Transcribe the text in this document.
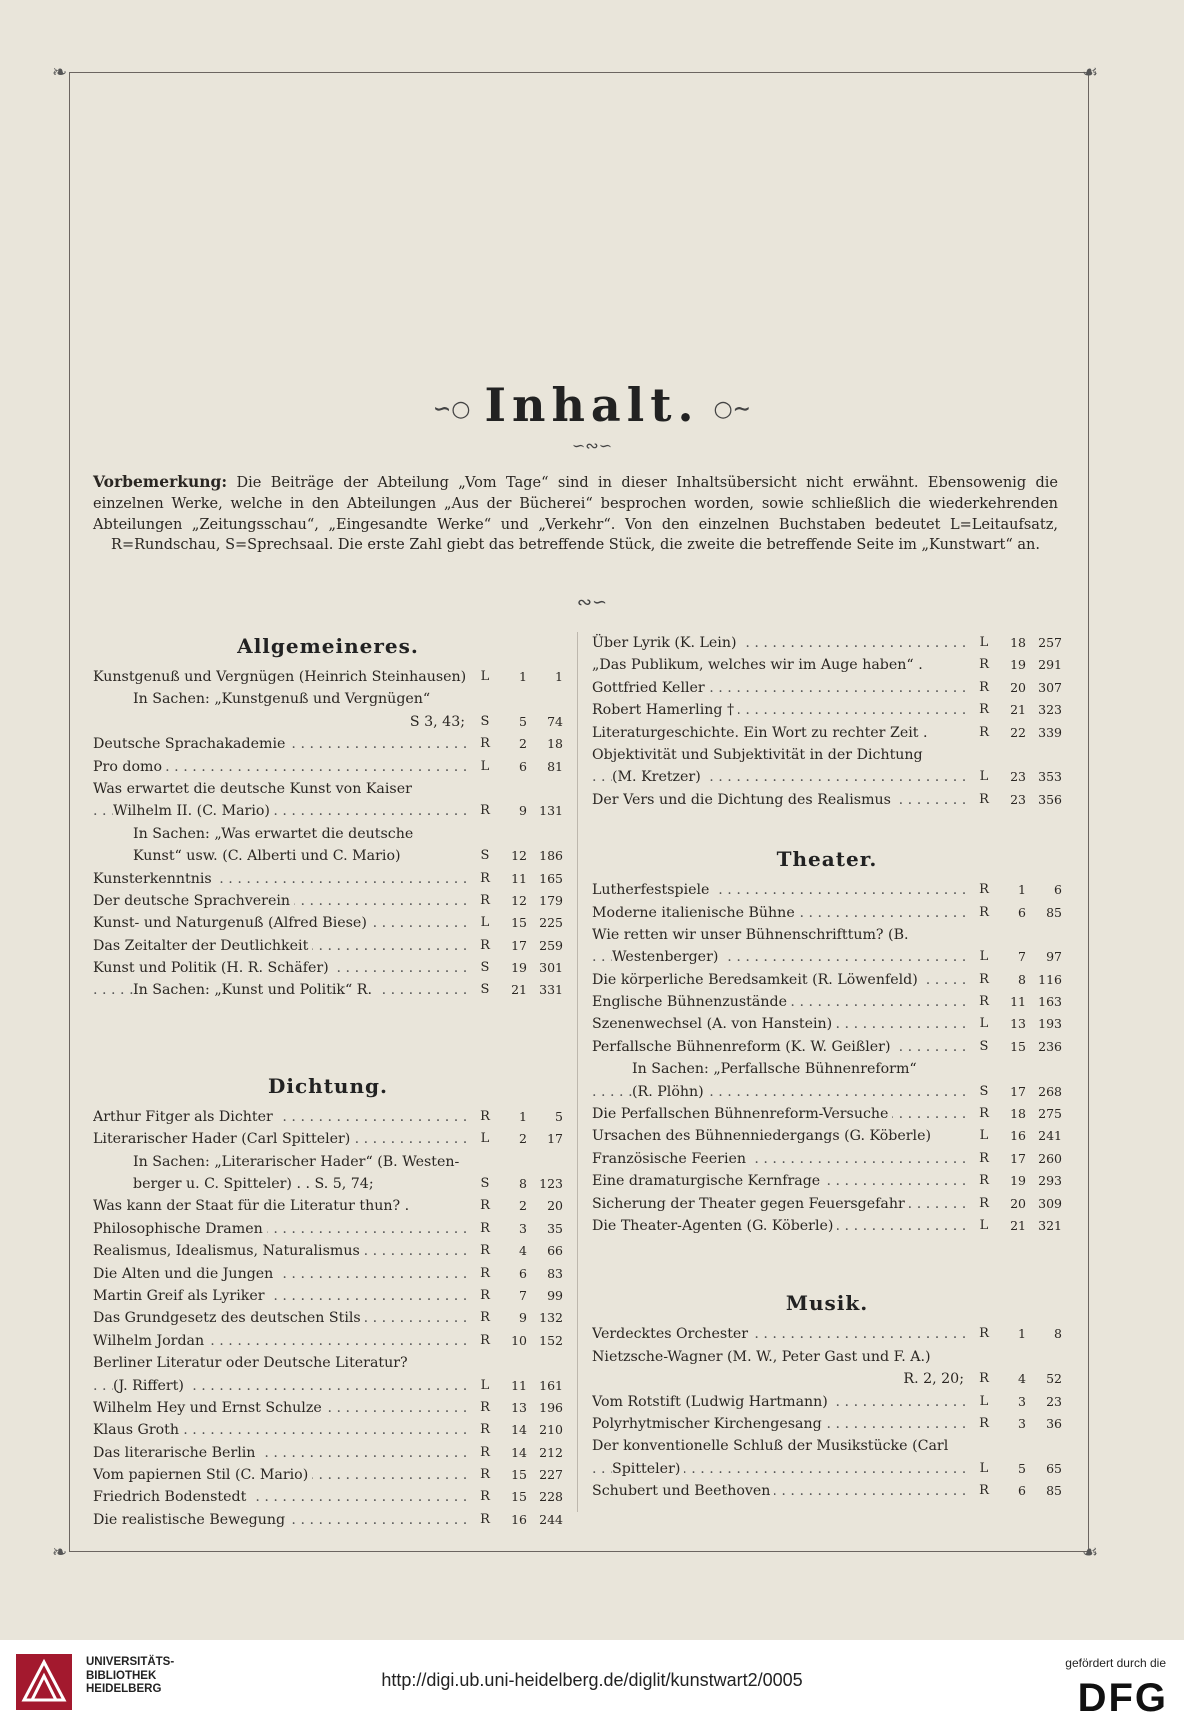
❧	☙
❧	☙
∽○ Inhalt. ○∼
∽∾∽
Vorbemerkung: Die Beiträge der Abteilung „Vom Tage“ sind in dieser Inhaltsübersicht nicht erwähnt. Ebensowenig die einzelnen Werke, welche in den Abteilungen „Aus der Bücherei“ besprochen worden, sowie schließlich die wiederkehrenden Abteilungen „Zeitungsschau“, „Eingesandte Werke“ und „Verkehr“. Von den einzelnen Buchstaben bedeutet L=Leitaufsatz, R=Rundschau, S=Sprechsaal. Die erste Zahl giebt das betreffende Stück, die zweite die betreffende Seite im „Kunstwart“ an.
∾∽
Allgemeineres.
Kunstgenuß und Vergnügen (Heinrich Steinhausen)	L	1	1
In Sachen: „Kunstgenuß und Vergnügen“
S 3, 43;	S	5	74
Deutsche Sprachakademie . .	R	2	18
Pro domo . .	L	6	81
Was erwartet die deutsche Kunst von Kaiser
Wilhelm II. (C. Mario) . .	R	9 131
In Sachen: „Was erwartet die deutsche
Kunst“ usw. (C. Alberti und C. Mario)	S	12 186
Kunsterkenntnis . .	R	11 165
Der deutsche Sprachverein . .	R	12 179
Kunst- und Naturgenuß (Alfred Biese) . .	L	15 225
Das Zeitalter der Deutlichkeit . .	R	17 259
Kunst und Politik (H. R. Schäfer) . .	S	19 301
In Sachen: „Kunst und Politik“ R. . .	S	21 331
Dichtung.
Arthur Fitger als Dichter . .	R	1	5
Literarischer Hader (Carl Spitteler) . .	L	2	17
In Sachen: „Literarischer Hader“ (B. Westen-
berger u. C. Spitteler) . . S. 5, 74;	S	8 123
Was kann der Staat für die Literatur thun? .	R	2	20
Philosophische Dramen . .	R	3	35
Realismus, Idealismus, Naturalismus . .	R	4	66
Die Alten und die Jungen . .	R	6	83
Martin Greif als Lyriker . .	R	7	99
Das Grundgesetz des deutschen Stils . .	R	9 132
Wilhelm Jordan . .	R	10 152
Berliner Literatur oder Deutsche Literatur?
(J. Riffert) . .	L	11 161
Wilhelm Hey und Ernst Schulze . .	R	13 196
Klaus Groth . .	R	14 210
Das literarische Berlin . .	R	14 212
Vom papiernen Stil (C. Mario) . .	R	15 227
Friedrich Bodenstedt . .	R	15 228
Die realistische Bewegung . .	R	16 244
Über Lyrik (K. Lein) . .	L	18 257
„Das Publikum, welches wir im Auge haben“ .	R	19 291
Gottfried Keller . .	R	20 307
Robert Hamerling † . .	R	21 323
Literaturgeschichte. Ein Wort zu rechter Zeit .	R	22 339
Objektivität und Subjektivität in der Dichtung
(M. Kretzer) . .	L	23 353
Der Vers und die Dichtung des Realismus . .	R	23 356
Theater.
Lutherfestspiele . .	R	1	6
Moderne italienische Bühne . .	R	6	85
Wie retten wir unser Bühnenschrifttum? (B.
Westenberger) . .	L	7	97
Die körperliche Beredsamkeit (R. Löwenfeld) . .	R	8 116
Englische Bühnenzustände . .	R	11 163
Szenenwechsel (A. von Hanstein) . .	L	13 193
Perfallsche Bühnenreform (K. W. Geißler) . .	S	15 236
In Sachen: „Perfallsche Bühnenreform“
(R. Plöhn) . .	S	17 268
Die Perfallschen Bühnenreform-Versuche . .	R	18 275
Ursachen des Bühnenniedergangs (G. Köberle)	L	16 241
Französische Feerien . .	R	17 260
Eine dramaturgische Kernfrage . .	R	19 293
Sicherung der Theater gegen Feuersgefahr . .	R	20 309
Die Theater-Agenten (G. Köberle) . .	L	21 321
Musik.
Verdecktes Orchester . .	R	1	8
Nietzsche-Wagner (M. W., Peter Gast und F. A.)
R. 2, 20;	R	4	52
Vom Rotstift (Ludwig Hartmann) . .	L	3	23
Polyrhytmischer Kirchengesang . .	R	3	36
Der konventionelle Schluß der Musikstücke (Carl
Spitteler) . .	L	5	65
Schubert und Beethoven . .	R	6	85
UNIVERSITÄTS-
BIBLIOTHEK
HEIDELBERG	http://digi.ub.uni-heidelberg.de/diglit/kunstwart2/0005
gefördert durch die
DFG
